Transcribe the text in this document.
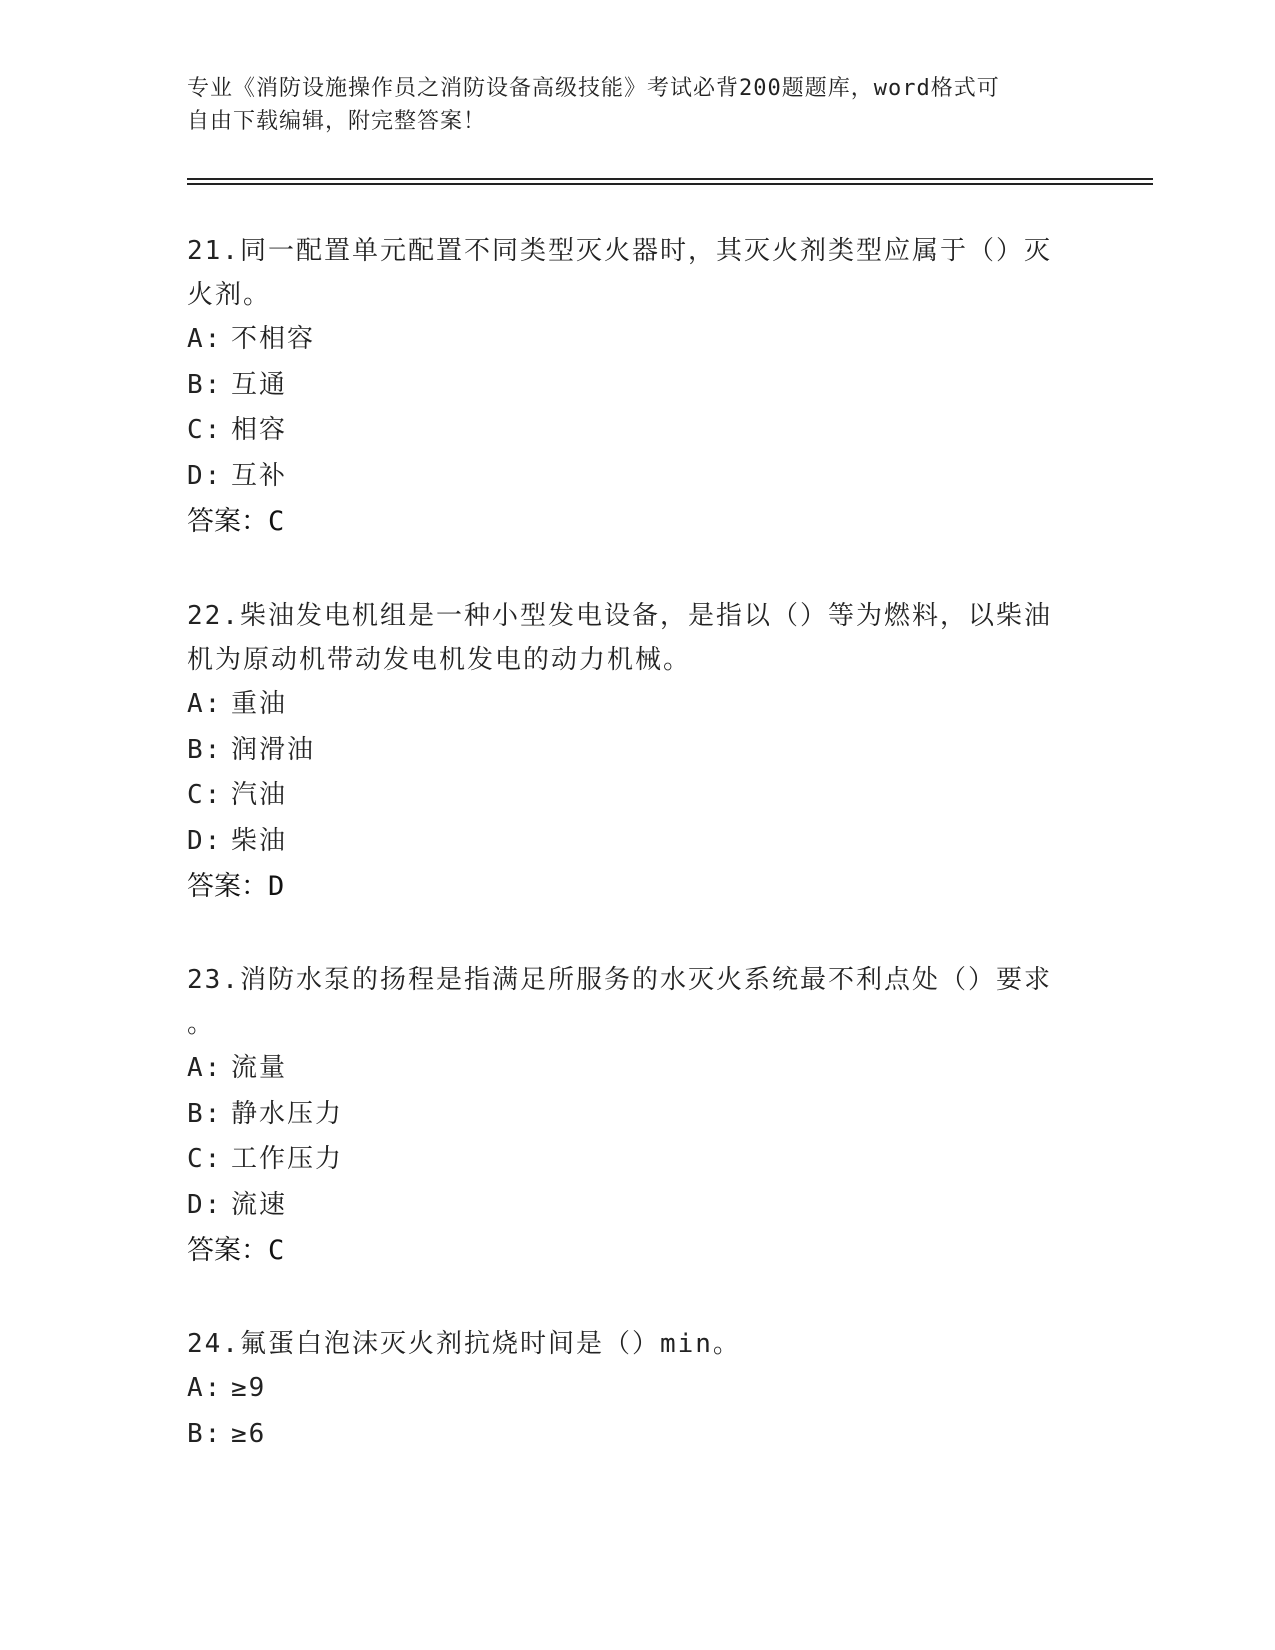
专业《消防设施操作员之消防设备高级技能》考试必背200题题库，word格式可
自由下载编辑，附完整答案！

21.同一配置单元配置不同类型灭火器时，其灭火剂类型应属于（）灭
火剂。

A: 不相容

B: 互通

C: 相容

D: 互补

答案：C

22.柴油发电机组是一种小型发电设备，是指以（）等为燃料，以柴油
机为原动机带动发电机发电的动力机械。

A: 重油

B: 润滑油

C: 汽油

D: 柴油

答案：D

23.消防水泵的扬程是指满足所服务的水灭火系统最不利点处（）要求
。

A: 流量

B: 静水压力

C: 工作压力

D: 流速

答案：C

24.氟蛋白泡沫灭火剂抗烧时间是（）min。

A: ≥9

B: ≥6
